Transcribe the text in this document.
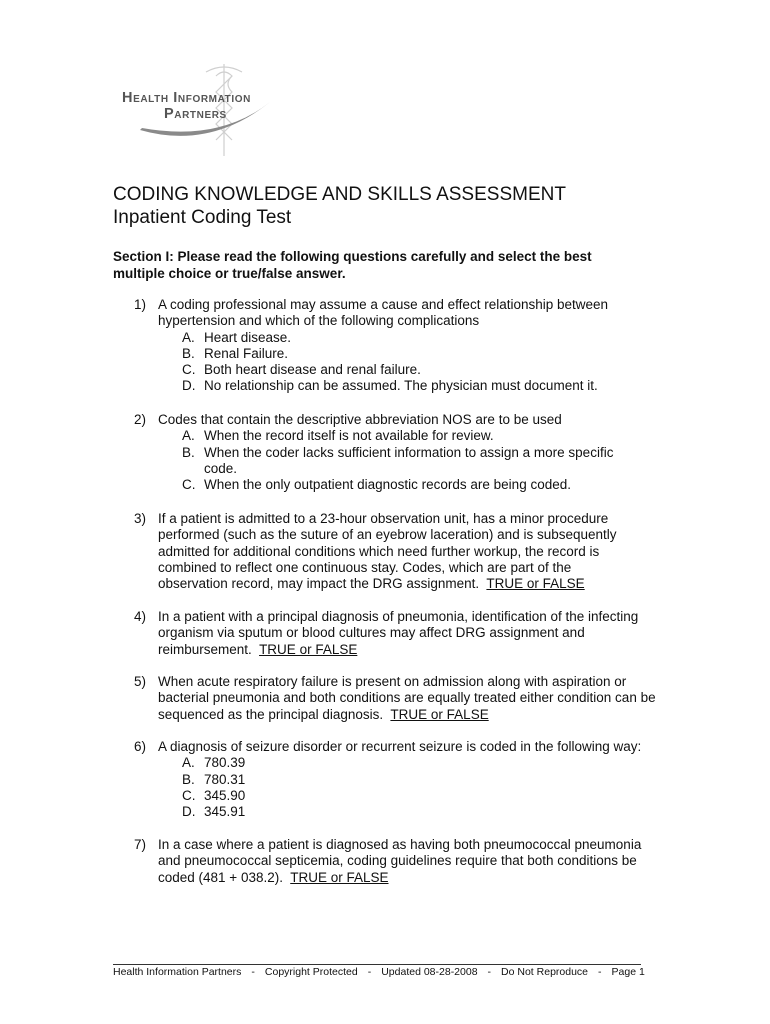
Health Information
Partners
CODING KNOWLEDGE AND SKILLS ASSESSMENT
Inpatient Coding Test
Section I: Please read the following questions carefully and select the best multiple choice or true/false answer.
1) A coding professional may assume a cause and effect relationship between hypertension and which of the following complications
A. Heart disease.
B. Renal Failure.
C. Both heart disease and renal failure.
D. No relationship can be assumed. The physician must document it.
2) Codes that contain the descriptive abbreviation NOS are to be used
A. When the record itself is not available for review.
B. When the coder lacks sufficient information to assign a more specific code.
C. When the only outpatient diagnostic records are being coded.
3) If a patient is admitted to a 23-hour observation unit, has a minor procedure performed (such as the suture of an eyebrow laceration) and is subsequently admitted for additional conditions which need further workup, the record is combined to reflect one continuous stay. Codes, which are part of the observation record, may impact the DRG assignment. TRUE or FALSE
4) In a patient with a principal diagnosis of pneumonia, identification of the infecting organism via sputum or blood cultures may affect DRG assignment and reimbursement. TRUE or FALSE
5) When acute respiratory failure is present on admission along with aspiration or bacterial pneumonia and both conditions are equally treated either condition can be sequenced as the principal diagnosis. TRUE or FALSE
6) A diagnosis of seizure disorder or recurrent seizure is coded in the following way:
A. 780.39
B. 780.31
C. 345.90
D. 345.91
7) In a case where a patient is diagnosed as having both pneumococcal pneumonia and pneumococcal septicemia, coding guidelines require that both conditions be coded (481 + 038.2). TRUE or FALSE
Health Information Partners - Copyright Protected - Updated 08-28-2008 - Do Not Reproduce - Page 1
